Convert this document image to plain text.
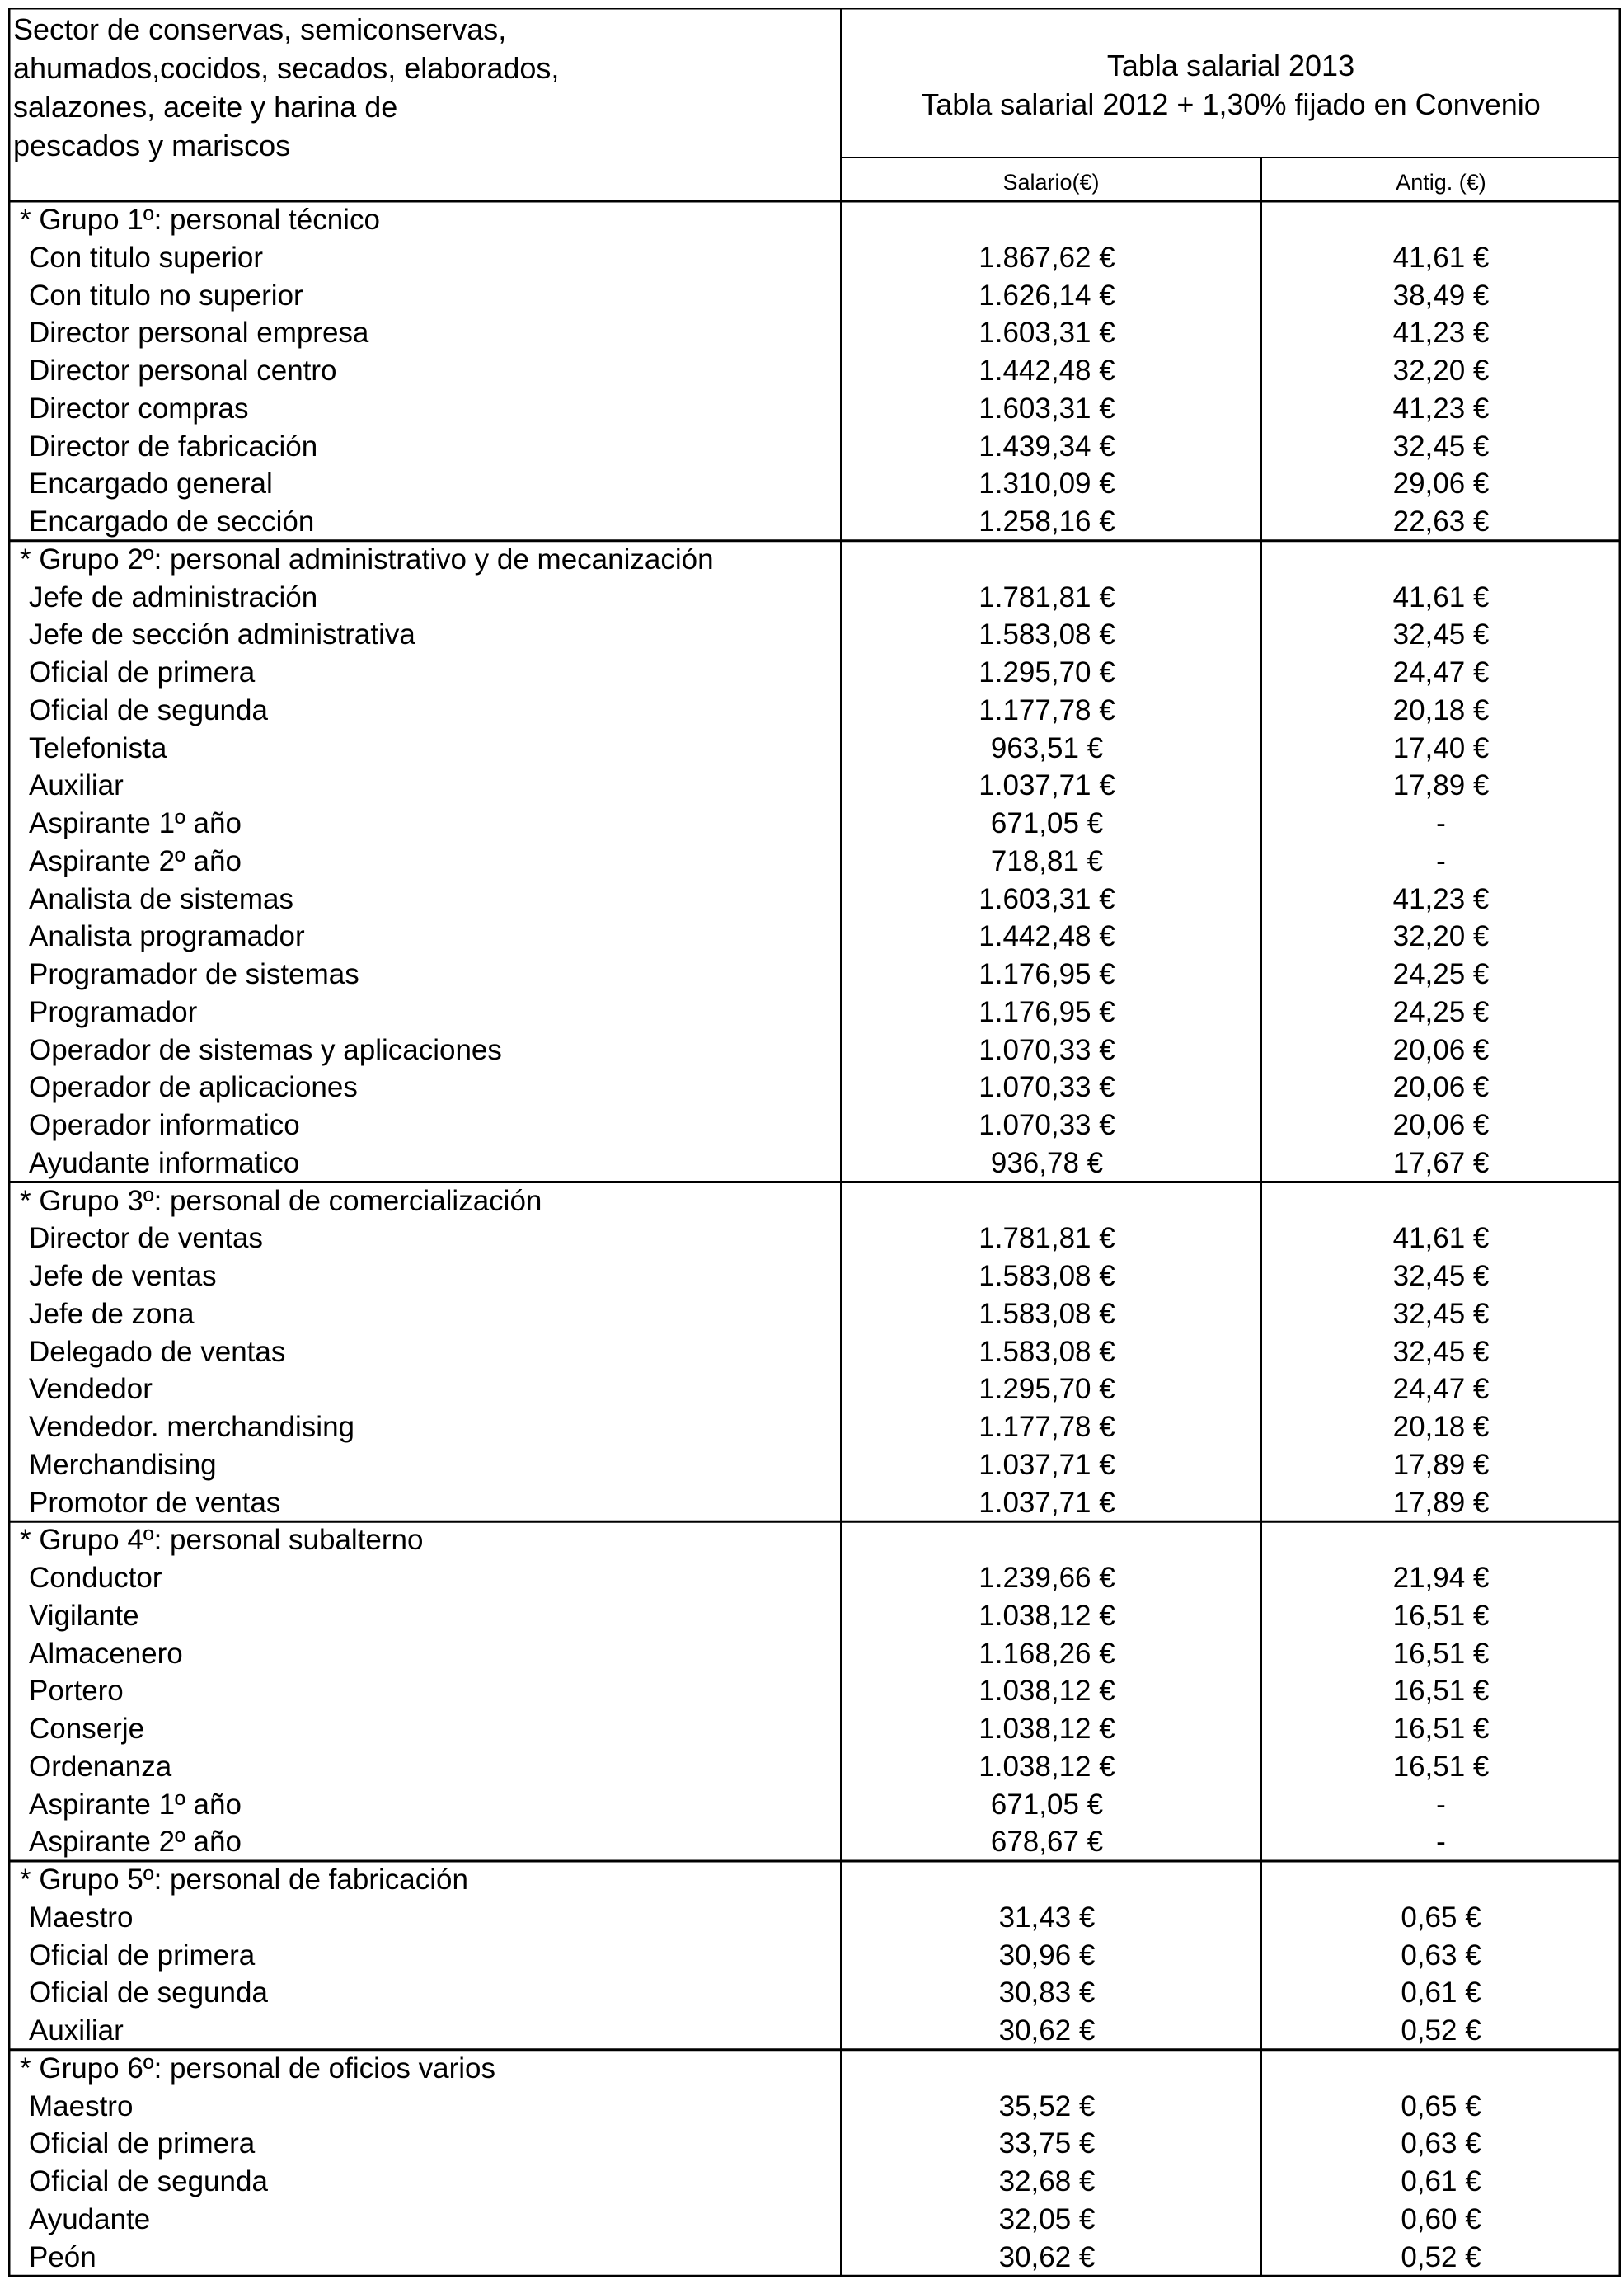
Sector de conservas, semiconservas,
ahumados,cocidos, secados, elaborados,
salazones, aceite y harina de
pescados y mariscos
Tabla salarial 2013
Tabla salarial 2012 + 1,30% fijado en Convenio
Salario(€)	Antig. (€)
* Grupo 1º: personal técnico
Con titulo superior	1.867,62 €	41,61 €
Con titulo no superior	1.626,14 €	38,49 €
Director personal empresa	1.603,31 €	41,23 €
Director personal centro	1.442,48 €	32,20 €
Director compras	1.603,31 €	41,23 €
Director de fabricación	1.439,34 €	32,45 €
Encargado general	1.310,09 €	29,06 €
Encargado de sección	1.258,16 €	22,63 €
* Grupo 2º: personal administrativo y de mecanización
Jefe de administración	1.781,81 €	41,61 €
Jefe de sección administrativa	1.583,08 €	32,45 €
Oficial de primera	1.295,70 €	24,47 €
Oficial de segunda	1.177,78 €	20,18 €
Telefonista	963,51 €	17,40 €
Auxiliar	1.037,71 €	17,89 €
Aspirante 1º año	671,05 €	-
Aspirante 2º año	718,81 €	-
Analista de sistemas	1.603,31 €	41,23 €
Analista programador	1.442,48 €	32,20 €
Programador de sistemas	1.176,95 €	24,25 €
Programador	1.176,95 €	24,25 €
Operador de sistemas y aplicaciones	1.070,33 €	20,06 €
Operador de aplicaciones	1.070,33 €	20,06 €
Operador informatico	1.070,33 €	20,06 €
Ayudante informatico	936,78 €	17,67 €
* Grupo 3º: personal de comercialización
Director de ventas	1.781,81 €	41,61 €
Jefe de ventas	1.583,08 €	32,45 €
Jefe de zona	1.583,08 €	32,45 €
Delegado de ventas	1.583,08 €	32,45 €
Vendedor	1.295,70 €	24,47 €
Vendedor. merchandising	1.177,78 €	20,18 €
Merchandising	1.037,71 €	17,89 €
Promotor de ventas	1.037,71 €	17,89 €
* Grupo 4º: personal subalterno
Conductor	1.239,66 €	21,94 €
Vigilante	1.038,12 €	16,51 €
Almacenero	1.168,26 €	16,51 €
Portero	1.038,12 €	16,51 €
Conserje	1.038,12 €	16,51 €
Ordenanza	1.038,12 €	16,51 €
Aspirante 1º año	671,05 €	-
Aspirante 2º año	678,67 €	-
* Grupo 5º: personal de fabricación
Maestro	31,43 €	0,65 €
Oficial de primera	30,96 €	0,63 €
Oficial de segunda	30,83 €	0,61 €
Auxiliar	30,62 €	0,52 €
* Grupo 6º: personal de oficios varios
Maestro	35,52 €	0,65 €
Oficial de primera	33,75 €	0,63 €
Oficial de segunda	32,68 €	0,61 €
Ayudante	32,05 €	0,60 €
Peón	30,62 €	0,52 €
